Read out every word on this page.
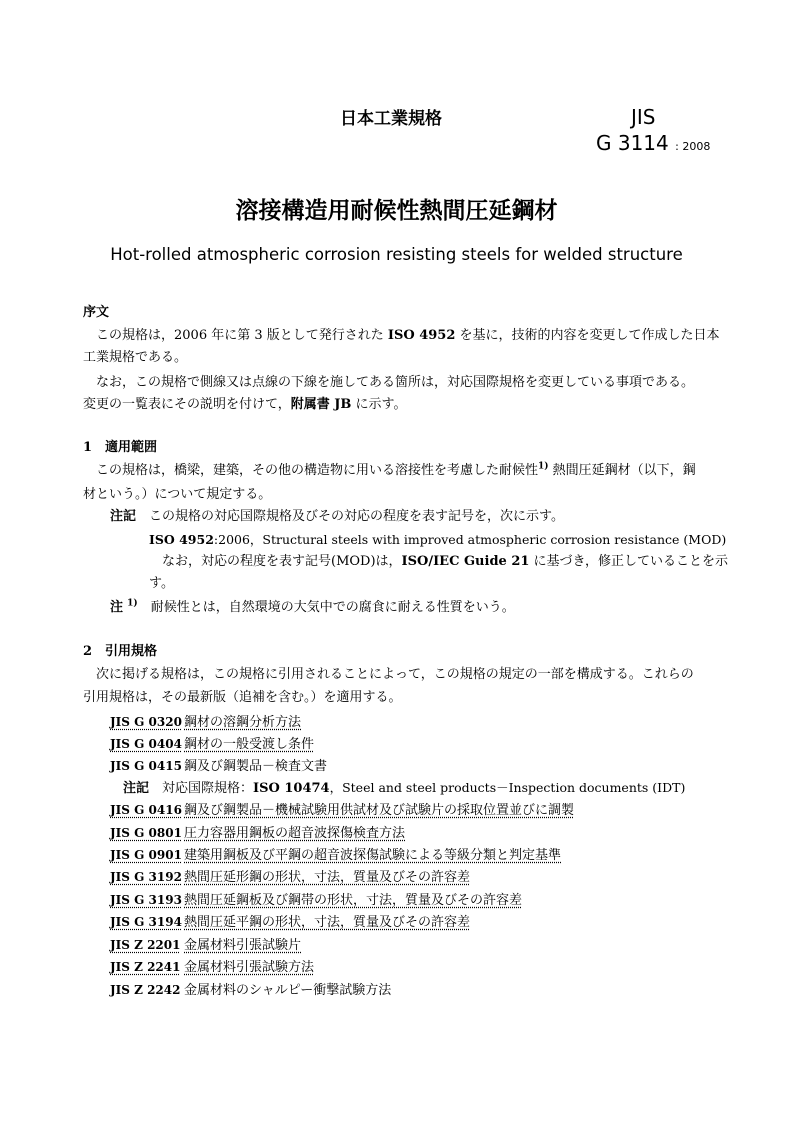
日本工業規格	JIS
G 3114 : 2008
溶接構造用耐候性熱間圧延鋼材
Hot-rolled atmospheric corrosion resisting steels for welded structure
序文
この規格は，2006 年に第 3 版として発行された ISO 4952 を基に，技術的内容を変更して作成した日本
工業規格である。
なお，この規格で側線又は点線の下線を施してある箇所は，対応国際規格を変更している事項である。
変更の一覧表にその説明を付けて，附属書 JB に示す。
1　適用範囲
この規格は，橋梁，建築，その他の構造物に用いる溶接性を考慮した耐候性$^{1)}$ 熱間圧延鋼材（以下，鋼
材という。）について規定する。
注記　 この規格の対応国際規格及びその対応の程度を表す記号を，次に示す。
ISO 4952:2006，Structural steels with improved atmospheric corrosion resistance (MOD)
なお，対応の程度を表す記号(MOD)は，ISO/IEC Guide 21 に基づき，修正していることを示
す。
注 $^{1)}$　 耐候性とは，自然環境の大気中での腐食に耐える性質をいう。
2　引用規格
次に掲げる規格は，この規格に引用されることによって，この規格の規定の一部を構成する。これらの
引用規格は，その最新版（追補を含む。）を適用する。
JIS G 0320 鋼材の溶鋼分析方法
JIS G 0404 鋼材の一般受渡し条件
JIS G 0415 鋼及び鋼製品－検査文書
注記　 対応国際規格：ISO 10474，Steel and steel products－Inspection documents (IDT)
JIS G 0416 鋼及び鋼製品－機械試験用供試材及び試験片の採取位置並びに調製
JIS G 0801 圧力容器用鋼板の超音波探傷検査方法
JIS G 0901 建築用鋼板及び平鋼の超音波探傷試験による等級分類と判定基準
JIS G 3192 熱間圧延形鋼の形状，寸法，質量及びその許容差
JIS G 3193 熱間圧延鋼板及び鋼帯の形状，寸法，質量及びその許容差
JIS G 3194 熱間圧延平鋼の形状，寸法，質量及びその許容差
JIS Z 2201 金属材料引張試験片
JIS Z 2241 金属材料引張試験方法
JIS Z 2242 金属材料のシャルピー衝撃試験方法
